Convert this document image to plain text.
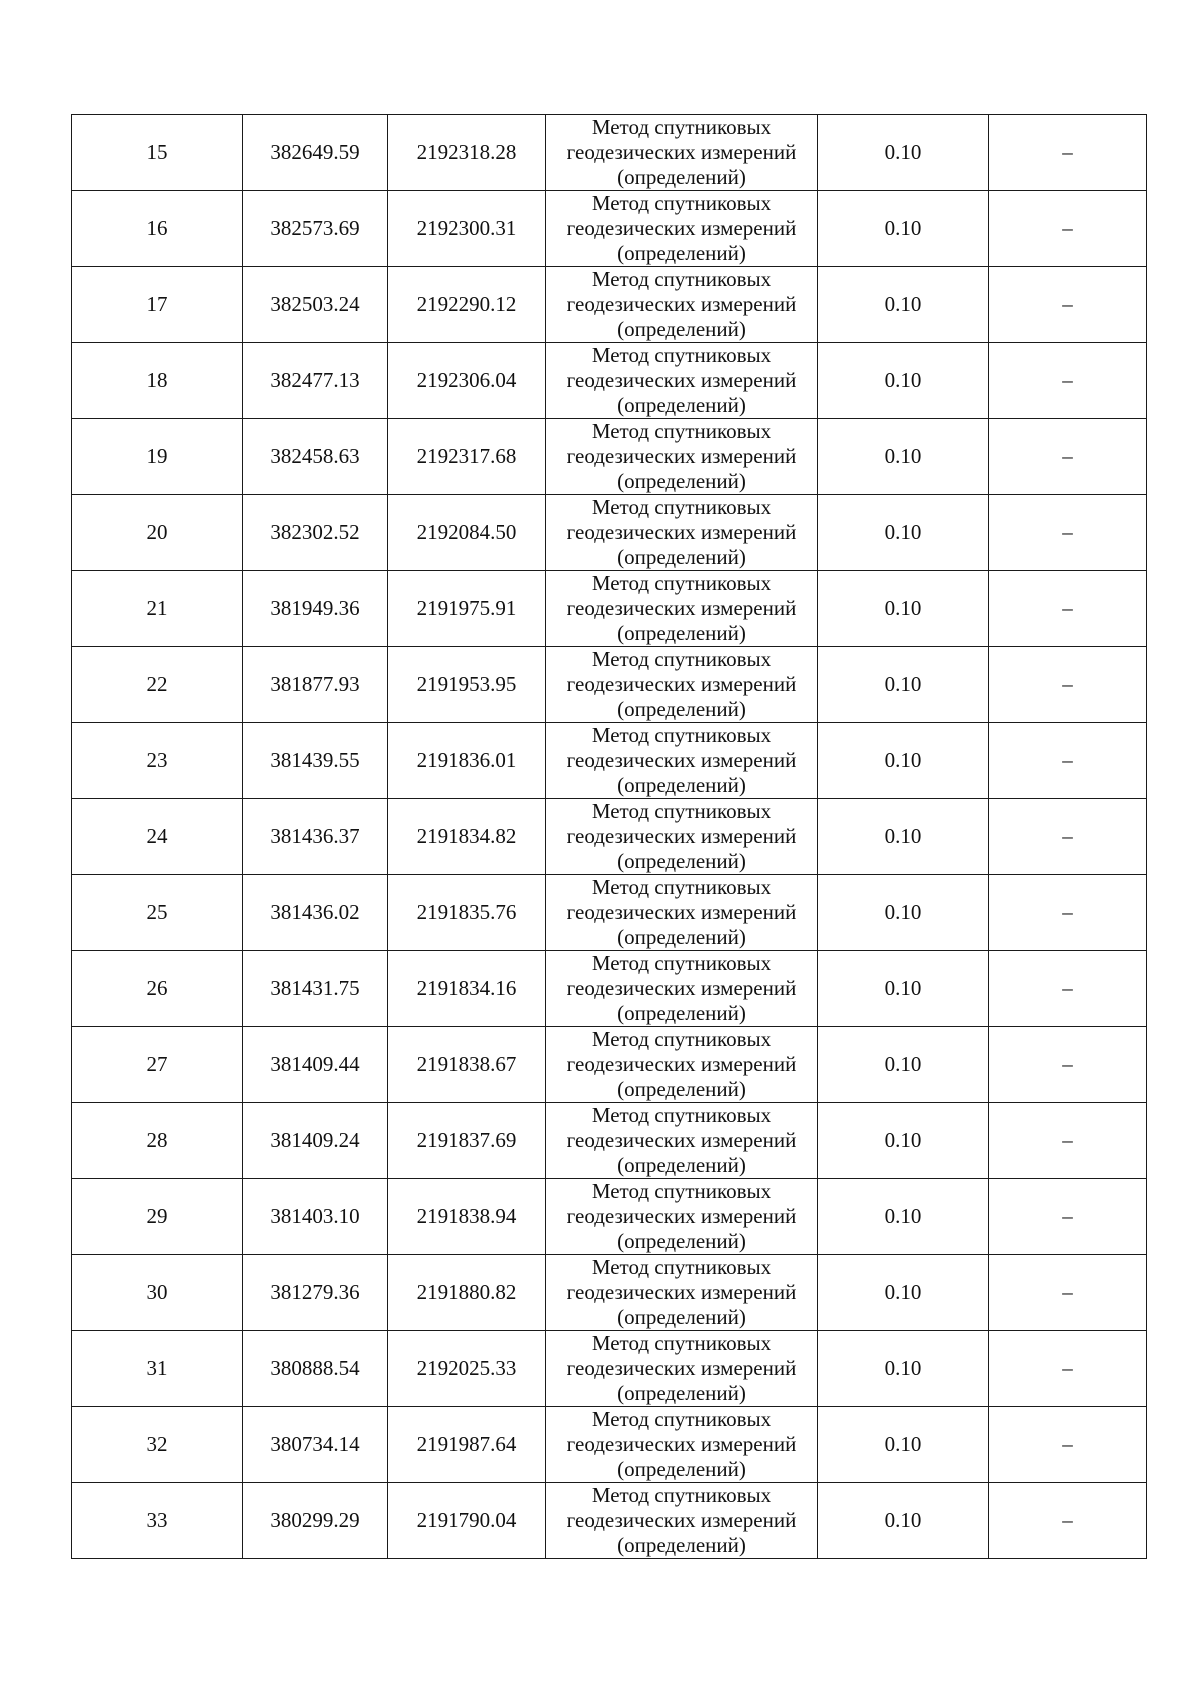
15	382649.59	2192318.28	Метод спутниковых
геодезических измерений
(определений)	0.10	–
16	382573.69	2192300.31	Метод спутниковых
геодезических измерений
(определений)	0.10	–
17	382503.24	2192290.12	Метод спутниковых
геодезических измерений
(определений)	0.10	–
18	382477.13	2192306.04	Метод спутниковых
геодезических измерений
(определений)	0.10	–
19	382458.63	2192317.68	Метод спутниковых
геодезических измерений
(определений)	0.10	–
20	382302.52	2192084.50	Метод спутниковых
геодезических измерений
(определений)	0.10	–
21	381949.36	2191975.91	Метод спутниковых
геодезических измерений
(определений)	0.10	–
22	381877.93	2191953.95	Метод спутниковых
геодезических измерений
(определений)	0.10	–
23	381439.55	2191836.01	Метод спутниковых
геодезических измерений
(определений)	0.10	–
24	381436.37	2191834.82	Метод спутниковых
геодезических измерений
(определений)	0.10	–
25	381436.02	2191835.76	Метод спутниковых
геодезических измерений
(определений)	0.10	–
26	381431.75	2191834.16	Метод спутниковых
геодезических измерений
(определений)	0.10	–
27	381409.44	2191838.67	Метод спутниковых
геодезических измерений
(определений)	0.10	–
28	381409.24	2191837.69	Метод спутниковых
геодезических измерений
(определений)	0.10	–
29	381403.10	2191838.94	Метод спутниковых
геодезических измерений
(определений)	0.10	–
30	381279.36	2191880.82	Метод спутниковых
геодезических измерений
(определений)	0.10	–
31	380888.54	2192025.33	Метод спутниковых
геодезических измерений
(определений)	0.10	–
32	380734.14	2191987.64	Метод спутниковых
геодезических измерений
(определений)	0.10	–
33	380299.29	2191790.04	Метод спутниковых
геодезических измерений
(определений)	0.10	–
